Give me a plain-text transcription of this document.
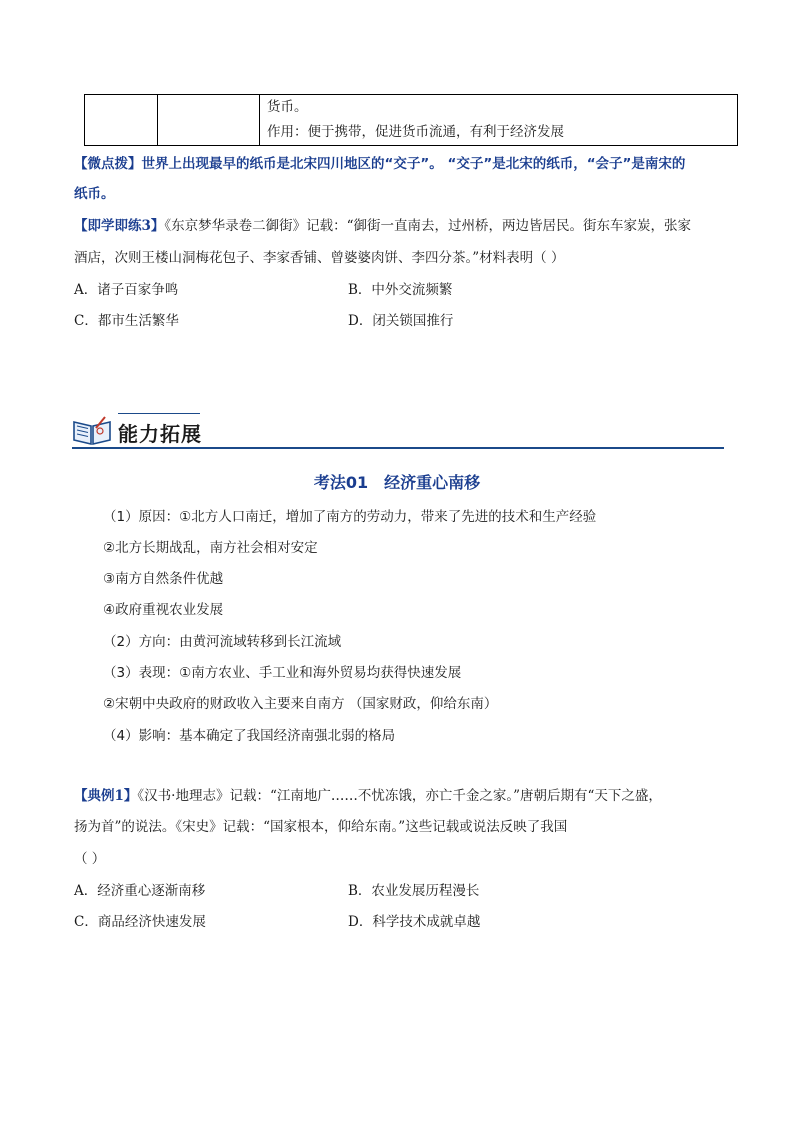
货币。
作用：便于携带，促进货币流通，有利于经济发展
【微点拨】世界上出现最早的纸币是北宋四川地区的“交子”。 “交子”是北宋的纸币，“会子”是南宋的
纸币。
【即学即练3】《东京梦华录卷二御街》记载：“御街一直南去，过州桥，两边皆居民。街东车家炭，张家
酒店，次则王楼山洞梅花包子、李家香铺、曾婆婆肉饼、李四分茶。”材料表明（ ）
A．诸子百家争鸣	B．中外交流频繁
C．都市生活繁华	D．闭关锁国推行
能力拓展
考法01　经济重心南移
（1）原因：①北方人口南迁，增加了南方的劳动力，带来了先进的技术和生产经验
②北方长期战乱，南方社会相对安定
③南方自然条件优越
④政府重视农业发展
（2）方向：由黄河流域转移到长江流域
（3）表现：①南方农业、手工业和海外贸易均获得快速发展
②宋朝中央政府的财政收入主要来自南方 （国家财政，仰给东南）
（4）影响：基本确定了我国经济南强北弱的格局
【典例1】《汉书·地理志》记载：“江南地广……不忧冻饿，亦亡千金之家。”唐朝后期有“天下之盛，
扬为首”的说法。《宋史》记载：“国家根本，仰给东南。”这些记载或说法反映了我国
（ ）
A．经济重心逐渐南移	B．农业发展历程漫长
C．商品经济快速发展	D．科学技术成就卓越
